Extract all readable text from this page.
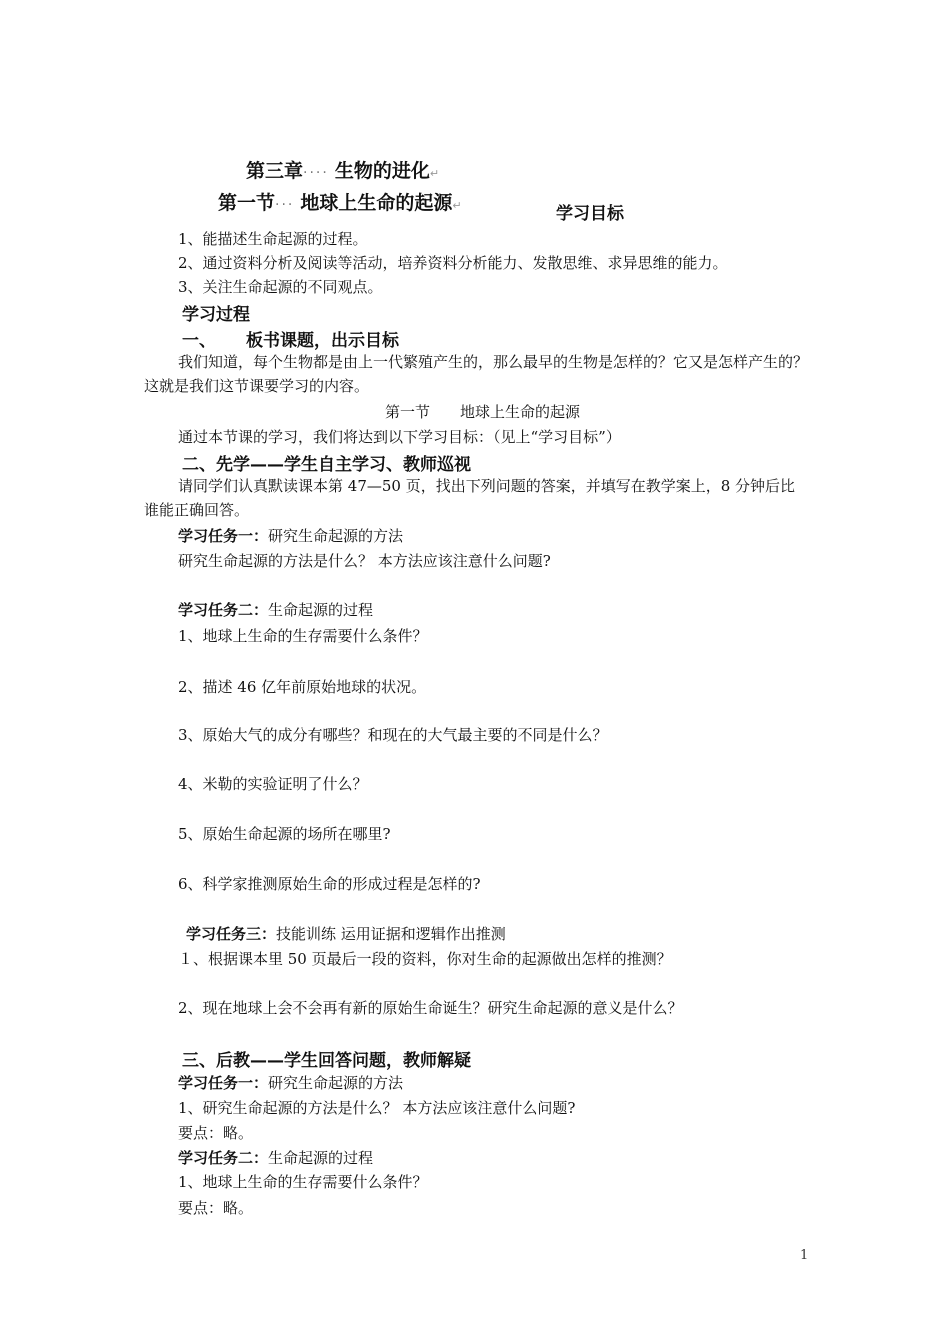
第三章···· 生物的进化↵
第一节··· 地球上生命的起源↵	学习目标
1、能描述生命起源的过程。
2、通过资料分析及阅读等活动，培养资料分析能力、发散思维、求异思维的能力。
3、关注生命起源的不同观点。
学习过程
一、 板书课题，出示目标
我们知道，每个生物都是由上一代繁殖产生的，那么最早的生物是怎样的？它又是怎样产生的？这就是我们这节课要学习的内容。
第一节 地球上生命的起源
通过本节课的学习，我们将达到以下学习目标：（见上“学习目标”）
二、先学——学生自主学习、教师巡视
请同学们认真默读课本第 47—50 页，找出下列问题的答案，并填写在教学案上，8 分钟后比谁能正确回答。
学习任务一：研究生命起源的方法
研究生命起源的方法是什么？ 本方法应该注意什么问题?
学习任务二：生命起源的过程
1、地球上生命的生存需要什么条件？
2、描述 46 亿年前原始地球的状况。
3、原始大气的成分有哪些？和现在的大气最主要的不同是什么？
4、米勒的实验证明了什么？
5、原始生命起源的场所在哪里?
6、科学家推测原始生命的形成过程是怎样的?
学习任务三：技能训练 运用证据和逻辑作出推测
１、根据课本里 50 页最后一段的资料，你对生命的起源做出怎样的推测？
2、现在地球上会不会再有新的原始生命诞生？研究生命起源的意义是什么？
三、后教——学生回答问题，教师解疑
学习任务一：研究生命起源的方法
1、研究生命起源的方法是什么？ 本方法应该注意什么问题?
要点：略。
学习任务二：生命起源的过程
1、地球上生命的生存需要什么条件？
要点：略。
1
